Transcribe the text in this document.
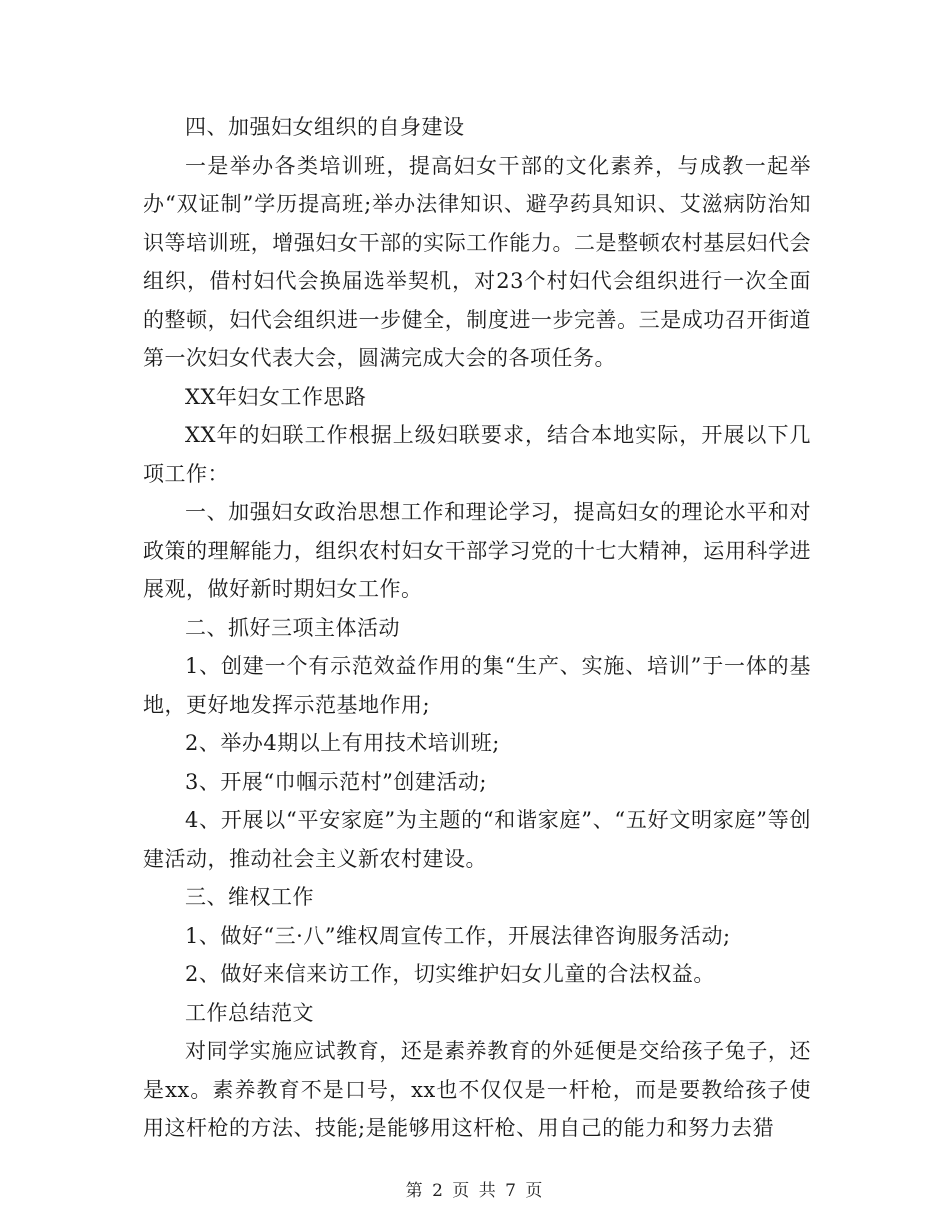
四、加强妇女组织的自身建设

一是举办各类培训班，提高妇女干部的文化素养，与成教一起举办“双证制”学历提高班;举办法律知识、避孕药具知识、艾滋病防治知识等培训班，增强妇女干部的实际工作能力。二是整顿农村基层妇代会组织，借村妇代会换届选举契机，对23个村妇代会组织进行一次全面的整顿，妇代会组织进一步健全，制度进一步完善。三是成功召开街道第一次妇女代表大会，圆满完成大会的各项任务。

XX年妇女工作思路

XX年的妇联工作根据上级妇联要求，结合本地实际，开展以下几项工作：

一、加强妇女政治思想工作和理论学习，提高妇女的理论水平和对政策的理解能力，组织农村妇女干部学习党的十七大精神，运用科学进展观，做好新时期妇女工作。

二、抓好三项主体活动

1、创建一个有示范效益作用的集“生产、实施、培训”于一体的基地，更好地发挥示范基地作用;

2、举办4期以上有用技术培训班;

3、开展“巾帼示范村”创建活动;

4、开展以“平安家庭”为主题的“和谐家庭”、“五好文明家庭”等创建活动，推动社会主义新农村建设。

三、维权工作

1、做好“三·八”维权周宣传工作，开展法律咨询服务活动;

2、做好来信来访工作，切实维护妇女儿童的合法权益。

工作总结范文

对同学实施应试教育，还是素养教育的外延便是交给孩子兔子，还是xx。素养教育不是口号，xx也不仅仅是一杆枪，而是要教给孩子使用这杆枪的方法、技能;是能够用这杆枪、用自己的能力和努力去猎

第 2 页 共 7 页
